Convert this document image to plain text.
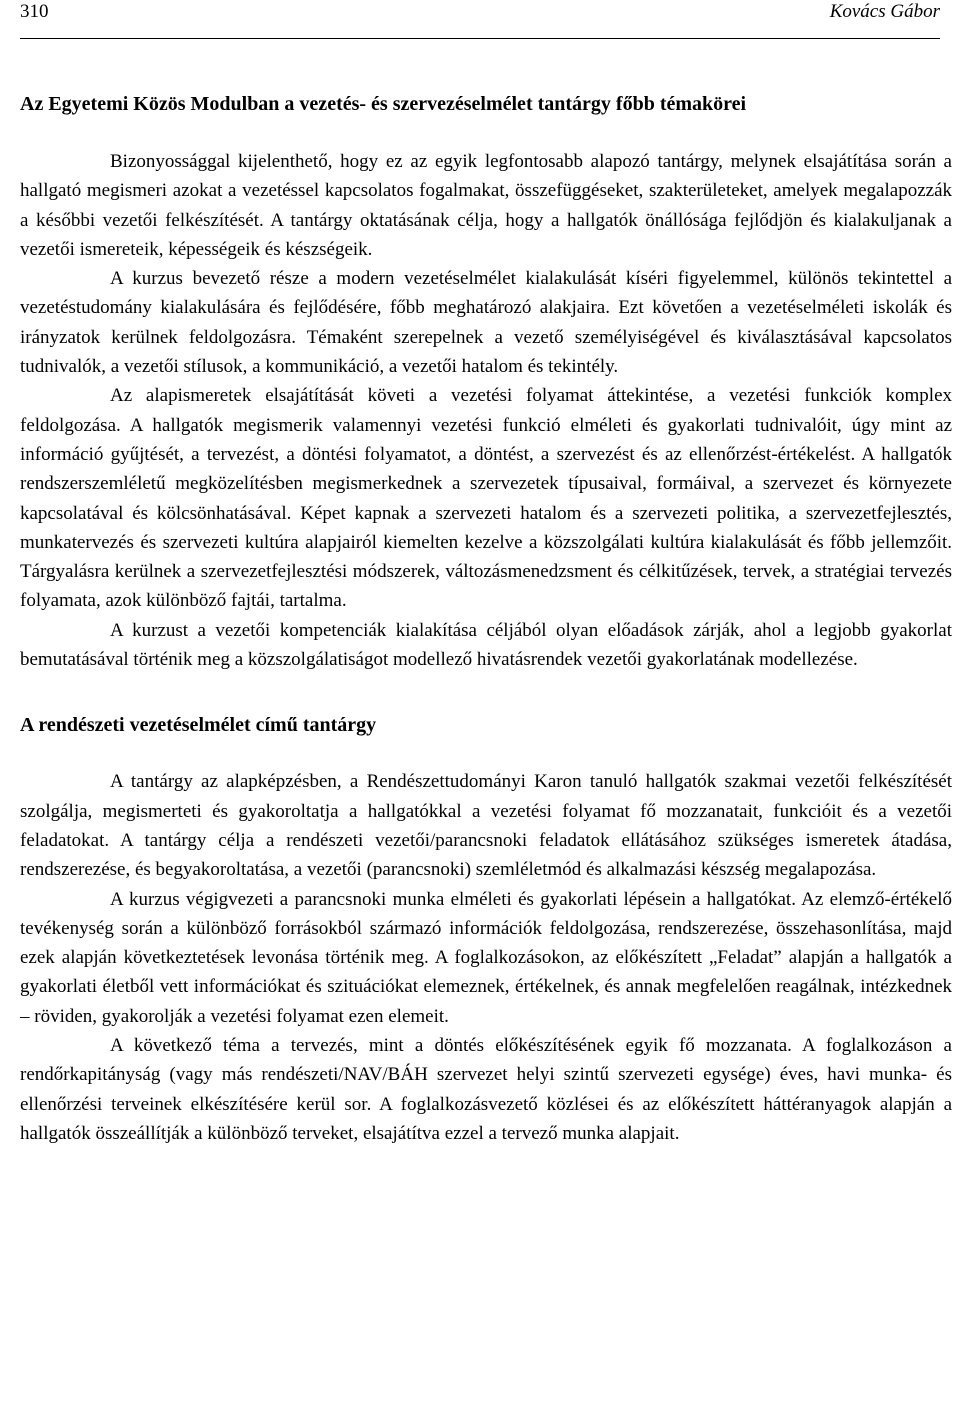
310	Kovács Gábor
Az Egyetemi Közös Modulban a vezetés- és szervezéselmélet tantárgy főbb témakörei

Bizonyossággal kijelenthető, hogy ez az egyik legfontosabb alapozó tantárgy, melynek elsajátítása során a hallgató megismeri azokat a vezetéssel kapcsolatos fogalmakat, összefüggéseket, szakterületeket, amelyek megalapozzák a későbbi vezetői felkészítését. A tantárgy oktatásának célja, hogy a hallgatók önállósága fejlődjön és kialakuljanak a vezetői ismereteik, képességeik és készségeik.

A kurzus bevezető része a modern vezetéselmélet kialakulását kíséri figyelemmel, különös tekintettel a vezetéstudomány kialakulására és fejlődésére, főbb meghatározó alakjaira. Ezt követően a vezetéselméleti iskolák és irányzatok kerülnek feldolgozásra. Témaként szerepelnek a vezető személyiségével és kiválasztásával kapcsolatos tudnivalók, a vezetői stílusok, a kommunikáció, a vezetői hatalom és tekintély.

Az alapismeretek elsajátítását követi a vezetési folyamat áttekintése, a vezetési funkciók komplex feldolgozása. A hallgatók megismerik valamennyi vezetési funkció elméleti és gyakorlati tudnivalóit, úgy mint az információ gyűjtését, a tervezést, a döntési folyamatot, a döntést, a szervezést és az ellenőrzést-értékelést. A hallgatók rendszerszemléletű megközelítésben megismerkednek a szervezetek típusaival, formáival, a szervezet és környezete kapcsolatával és kölcsönhatásával. Képet kapnak a szervezeti hatalom és a szervezeti politika, a szervezetfejlesztés, munkatervezés és szervezeti kultúra alapjairól kiemelten kezelve a közszolgálati kultúra kialakulását és főbb jellemzőit. Tárgyalásra kerülnek a szervezetfejlesztési módszerek, változásmenedzsment és célkitűzések, tervek, a stratégiai tervezés folyamata, azok különböző fajtái, tartalma.

A kurzust a vezetői kompetenciák kialakítása céljából olyan előadások zárják, ahol a legjobb gyakorlat bemutatásával történik meg a közszolgálatiságot modellező hivatásrendek vezetői gyakorlatának modellezése.

A rendészeti vezetéselmélet című tantárgy

A tantárgy az alapképzésben, a Rendészettudományi Karon tanuló hallgatók szakmai vezetői felkészítését szolgálja, megismerteti és gyakoroltatja a hallgatókkal a vezetési folyamat fő mozzanatait, funkcióit és a vezetői feladatokat. A tantárgy célja a rendészeti vezetői/parancsnoki feladatok ellátásához szükséges ismeretek átadása, rendszerezése, és begyakoroltatása, a vezetői (parancsnoki) szemléletmód és alkalmazási készség megalapozása.

A kurzus végigvezeti a parancsnoki munka elméleti és gyakorlati lépésein a hallgatókat. Az elemző-értékelő tevékenység során a különböző forrásokból származó információk feldolgozása, rendszerezése, összehasonlítása, majd ezek alapján következtetések levonása történik meg. A foglalkozásokon, az előkészített „Feladat” alapján a hallgatók a gyakorlati életből vett információkat és szituációkat elemeznek, értékelnek, és annak megfelelően reagálnak, intézkednek – röviden, gyakorolják a vezetési folyamat ezen elemeit.

A következő téma a tervezés, mint a döntés előkészítésének egyik fő mozzanata. A foglalkozáson a rendőrkapitányság (vagy más rendészeti/NAV/BÁH szervezet helyi szintű szervezeti egysége) éves, havi munka- és ellenőrzési terveinek elkészítésére kerül sor. A foglalkozásvezető közlései és az előkészített háttéranyagok alapján a hallgatók összeállítják a különböző terveket, elsajátítva ezzel a tervező munka alapjait.
